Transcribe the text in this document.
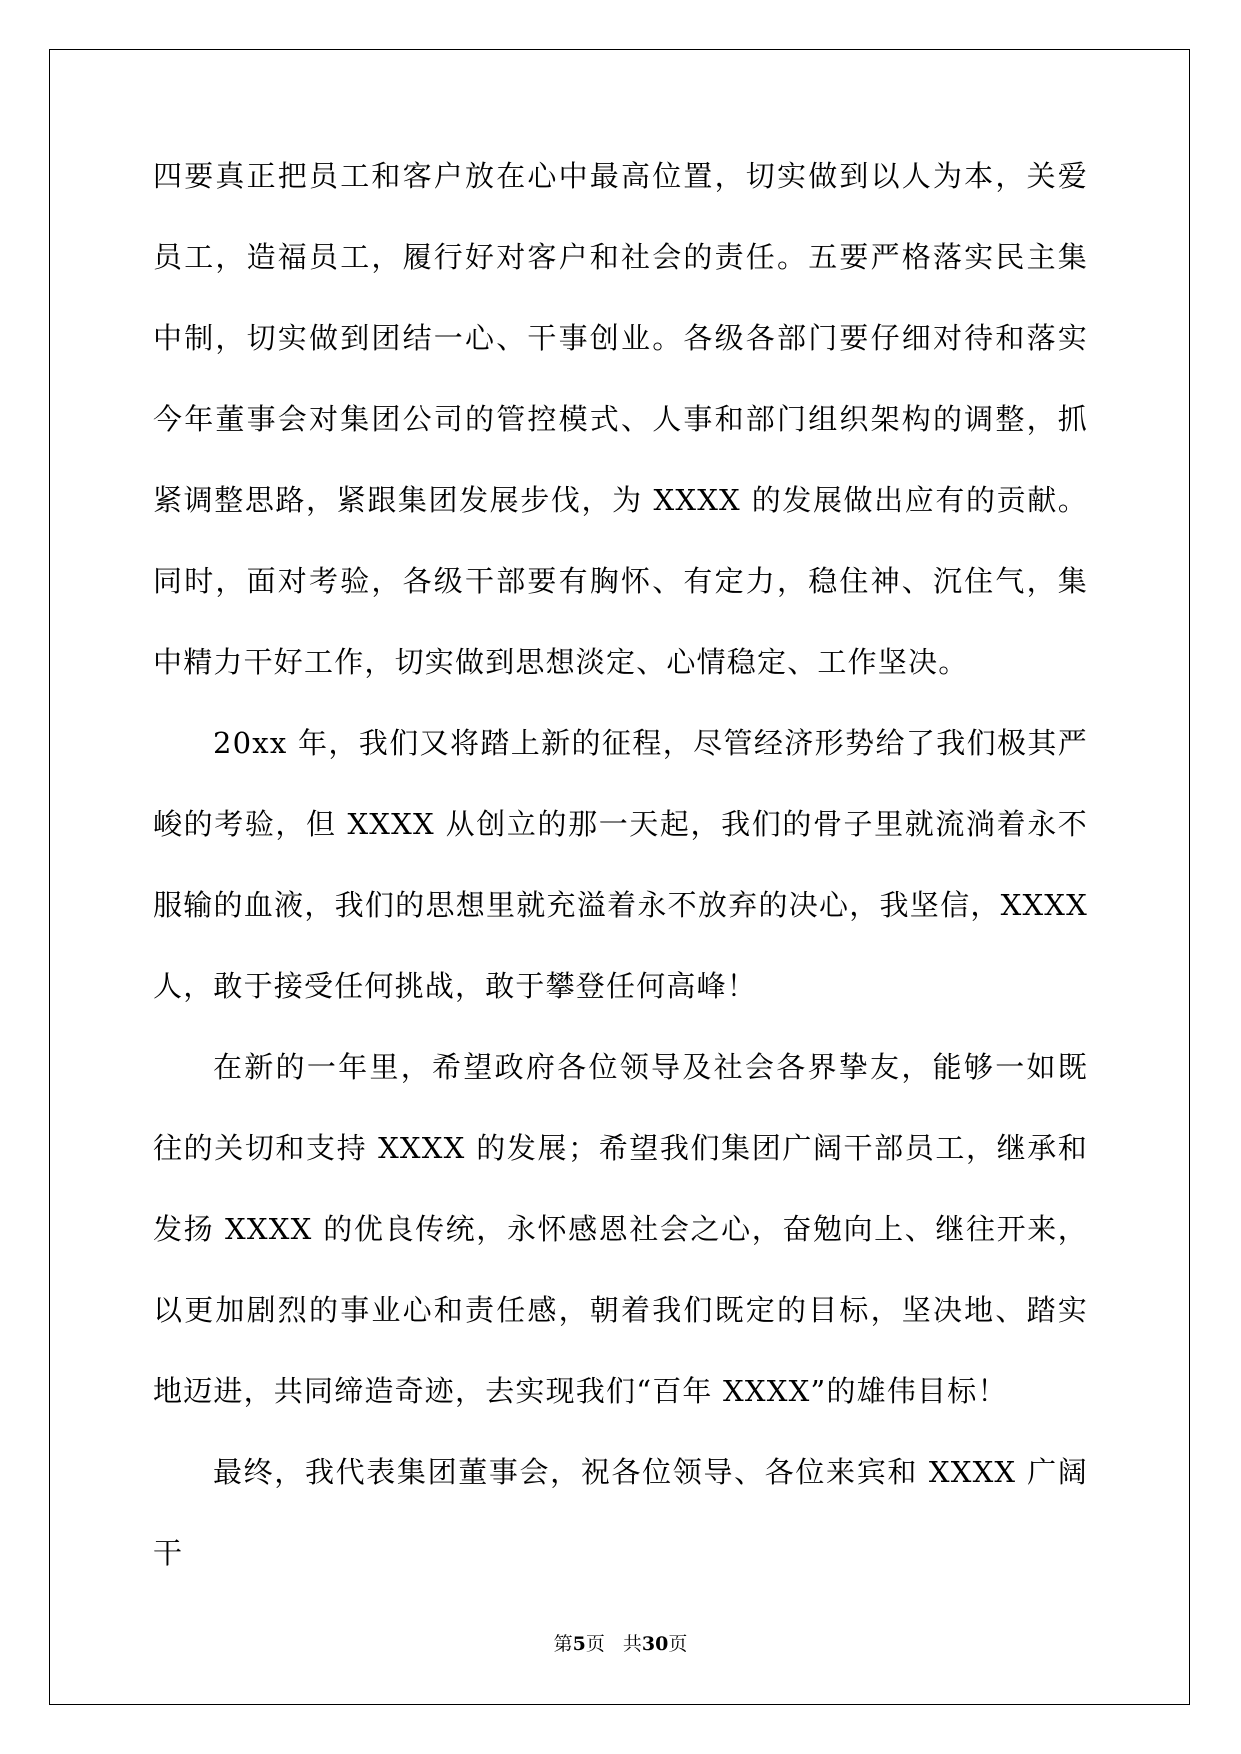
四要真正把员工和客户放在心中最高位置，切实做到以人为本，关爱员工，造福员工，履行好对客户和社会的责任。五要严格落实民主集中制，切实做到团结一心、干事创业。各级各部门要仔细对待和落实今年董事会对集团公司的管控模式、人事和部门组织架构的调整，抓紧调整思路，紧跟集团发展步伐，为 XXXX 的发展做出应有的贡献。同时，面对考验，各级干部要有胸怀、有定力，稳住神、沉住气，集中精力干好工作，切实做到思想淡定、心情稳定、工作坚决。

20xx 年，我们又将踏上新的征程，尽管经济形势给了我们极其严峻的考验，但 XXXX 从创立的那一天起，我们的骨子里就流淌着永不服输的血液，我们的思想里就充溢着永不放弃的决心，我坚信，XXXX 人，敢于接受任何挑战，敢于攀登任何高峰！

在新的一年里，希望政府各位领导及社会各界挚友，能够一如既往的关切和支持 XXXX 的发展；希望我们集团广阔干部员工，继承和发扬 XXXX 的优良传统，永怀感恩社会之心，奋勉向上、继往开来，以更加剧烈的事业心和责任感，朝着我们既定的目标，坚决地、踏实地迈进，共同缔造奇迹，去实现我们“百年 XXXX”的雄伟目标！

最终，我代表集团董事会，祝各位领导、各位来宾和 XXXX 广阔干

第5页 共30页
